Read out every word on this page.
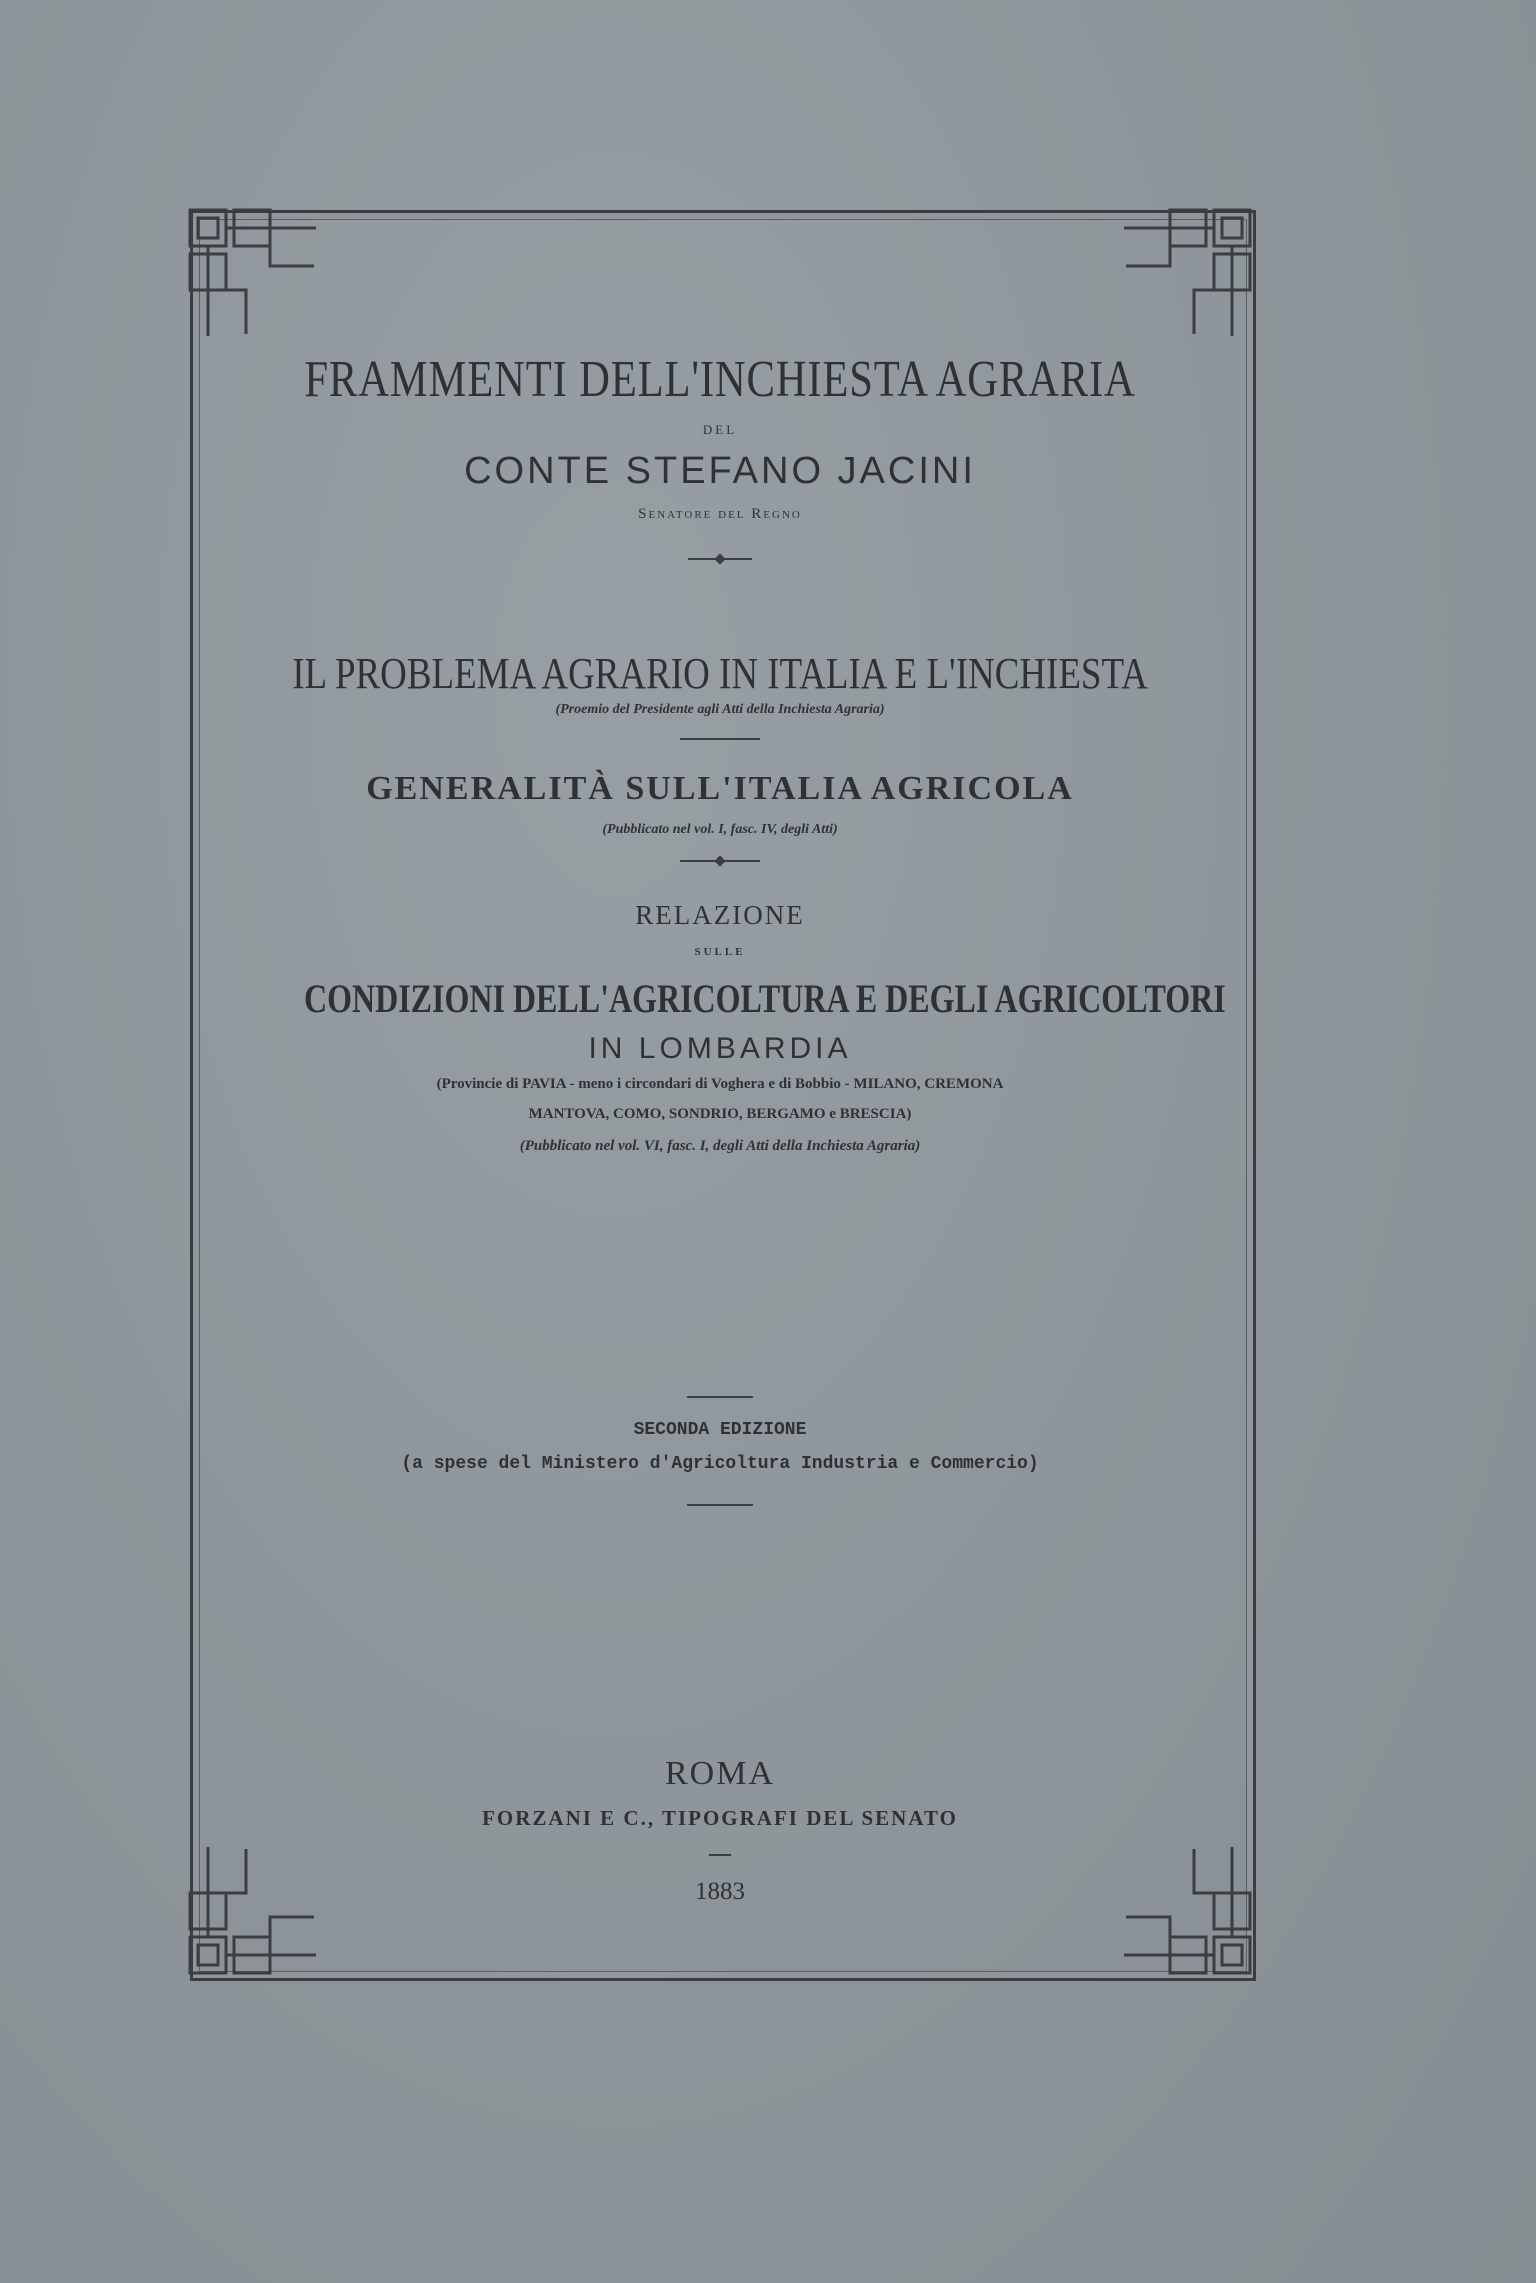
FRAMMENTI DELL'INCHIESTA AGRARIA
DEL
CONTE STEFANO JACINI
Senatore del Regno
IL PROBLEMA AGRARIO IN ITALIA E L'INCHIESTA
(Proemio del Presidente agli Atti della Inchiesta Agraria)
GENERALITÀ SULL'ITALIA AGRICOLA
(Pubblicato nel vol. I, fasc. IV, degli Atti)
RELAZIONE
SULLE
CONDIZIONI DELL'AGRICOLTURA E DEGLI AGRICOLTORI
IN LOMBARDIA
(Provincie di PAVIA - meno i circondari di Voghera e di Bobbio - MILANO, CREMONA
MANTOVA, COMO, SONDRIO, BERGAMO e BRESCIA)
(Pubblicato nel vol. VI, fasc. I, degli Atti della Inchiesta Agraria)
SECONDA EDIZIONE
(a spese del Ministero d'Agricoltura Industria e Commercio)
ROMA
FORZANI E C., TIPOGRAFI DEL SENATO
1883
